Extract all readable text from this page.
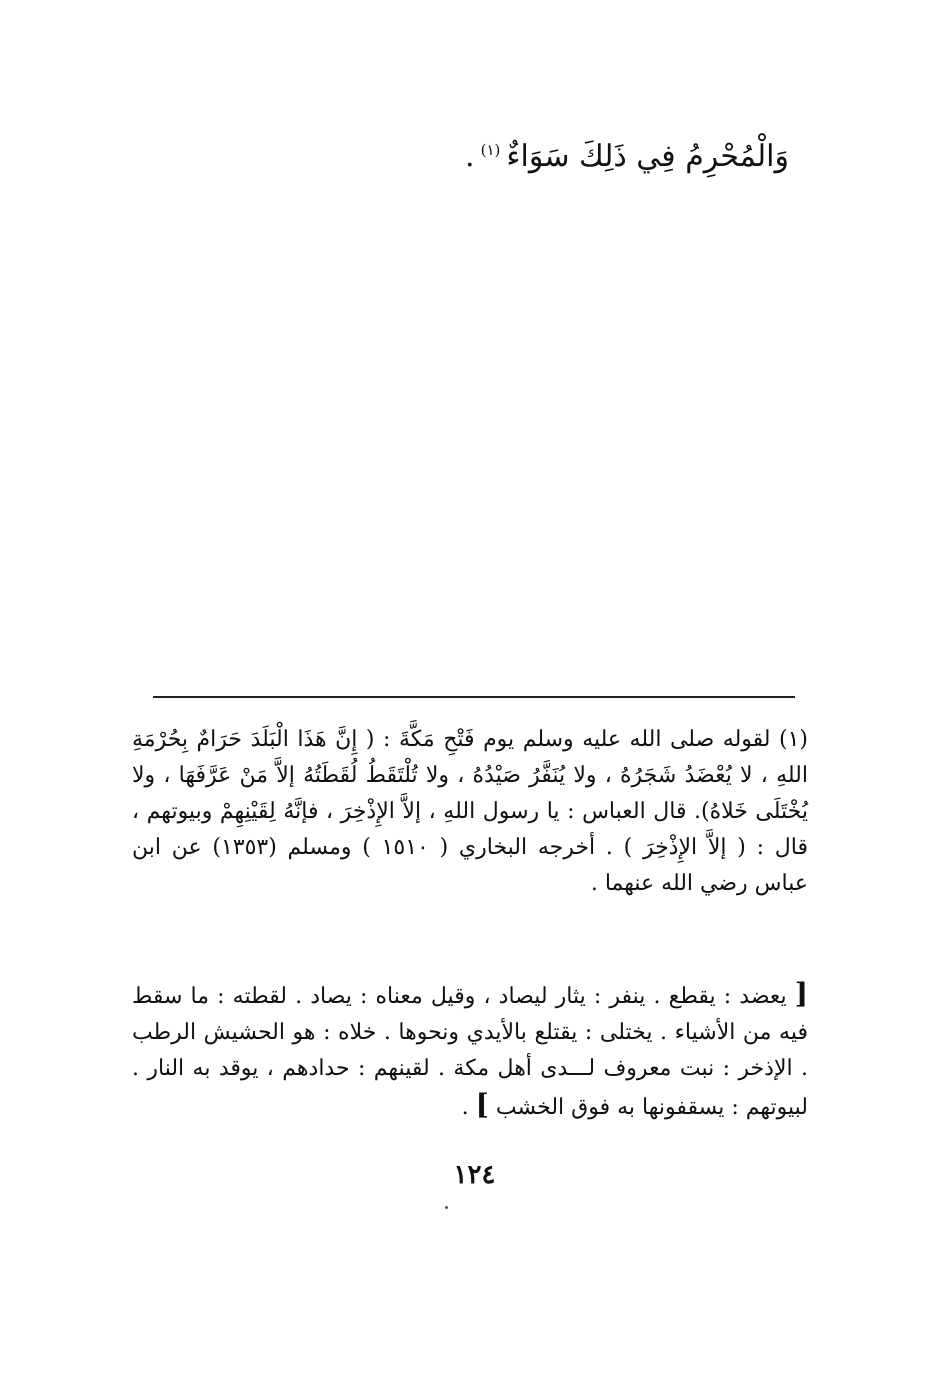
وَالْمُحْرِمُ فِي ذَلِكَ سَوَاءٌ$^{(١)}$.

(١) لقوله صلى الله عليه وسلم يوم فَتْحِ مَكَّةَ : ( إِنَّ هَذَا الْبَلَدَ حَرَامٌ بِحُرْمَةِ اللهِ ، لا يُعْضَدُ شَجَرُهُ ، ولا يُنَفَّرُ صَيْدُهُ ، ولا تُلْتَقَطُ لُقَطَتُهُ إلاَّ مَنْ عَرَّفَهَا ، ولا يُخْتَلَى خَلاهُ). قال العباس : يا رسول اللهِ ، إلاَّ الإِذْخِرَ ، فإنَّهُ لِقَيْنِهِمْ وبيوتهم ، قال : ( إلاَّ الإِذْخِرَ ) . أخرجه البخاري ( ١٥١٠ ) ومسلم (١٣٥٣) عن ابن عباس رضي الله عنهما .

[ يعضد : يقطع . ينفر : يثار ليصاد ، وقيل معناه : يصاد . لقطته : ما سقط فيه من الأشياء . يختلى : يقتلع بالأيدي ونحوها . خلاه : هو الحشيش الرطب . الإذخر : نبت معروف لـــدى أهل مكة . لقينهم : حدادهم ، يوقد به النار . لبيوتهم : يسقفونها به فوق الخشب ] .
١٢٤
